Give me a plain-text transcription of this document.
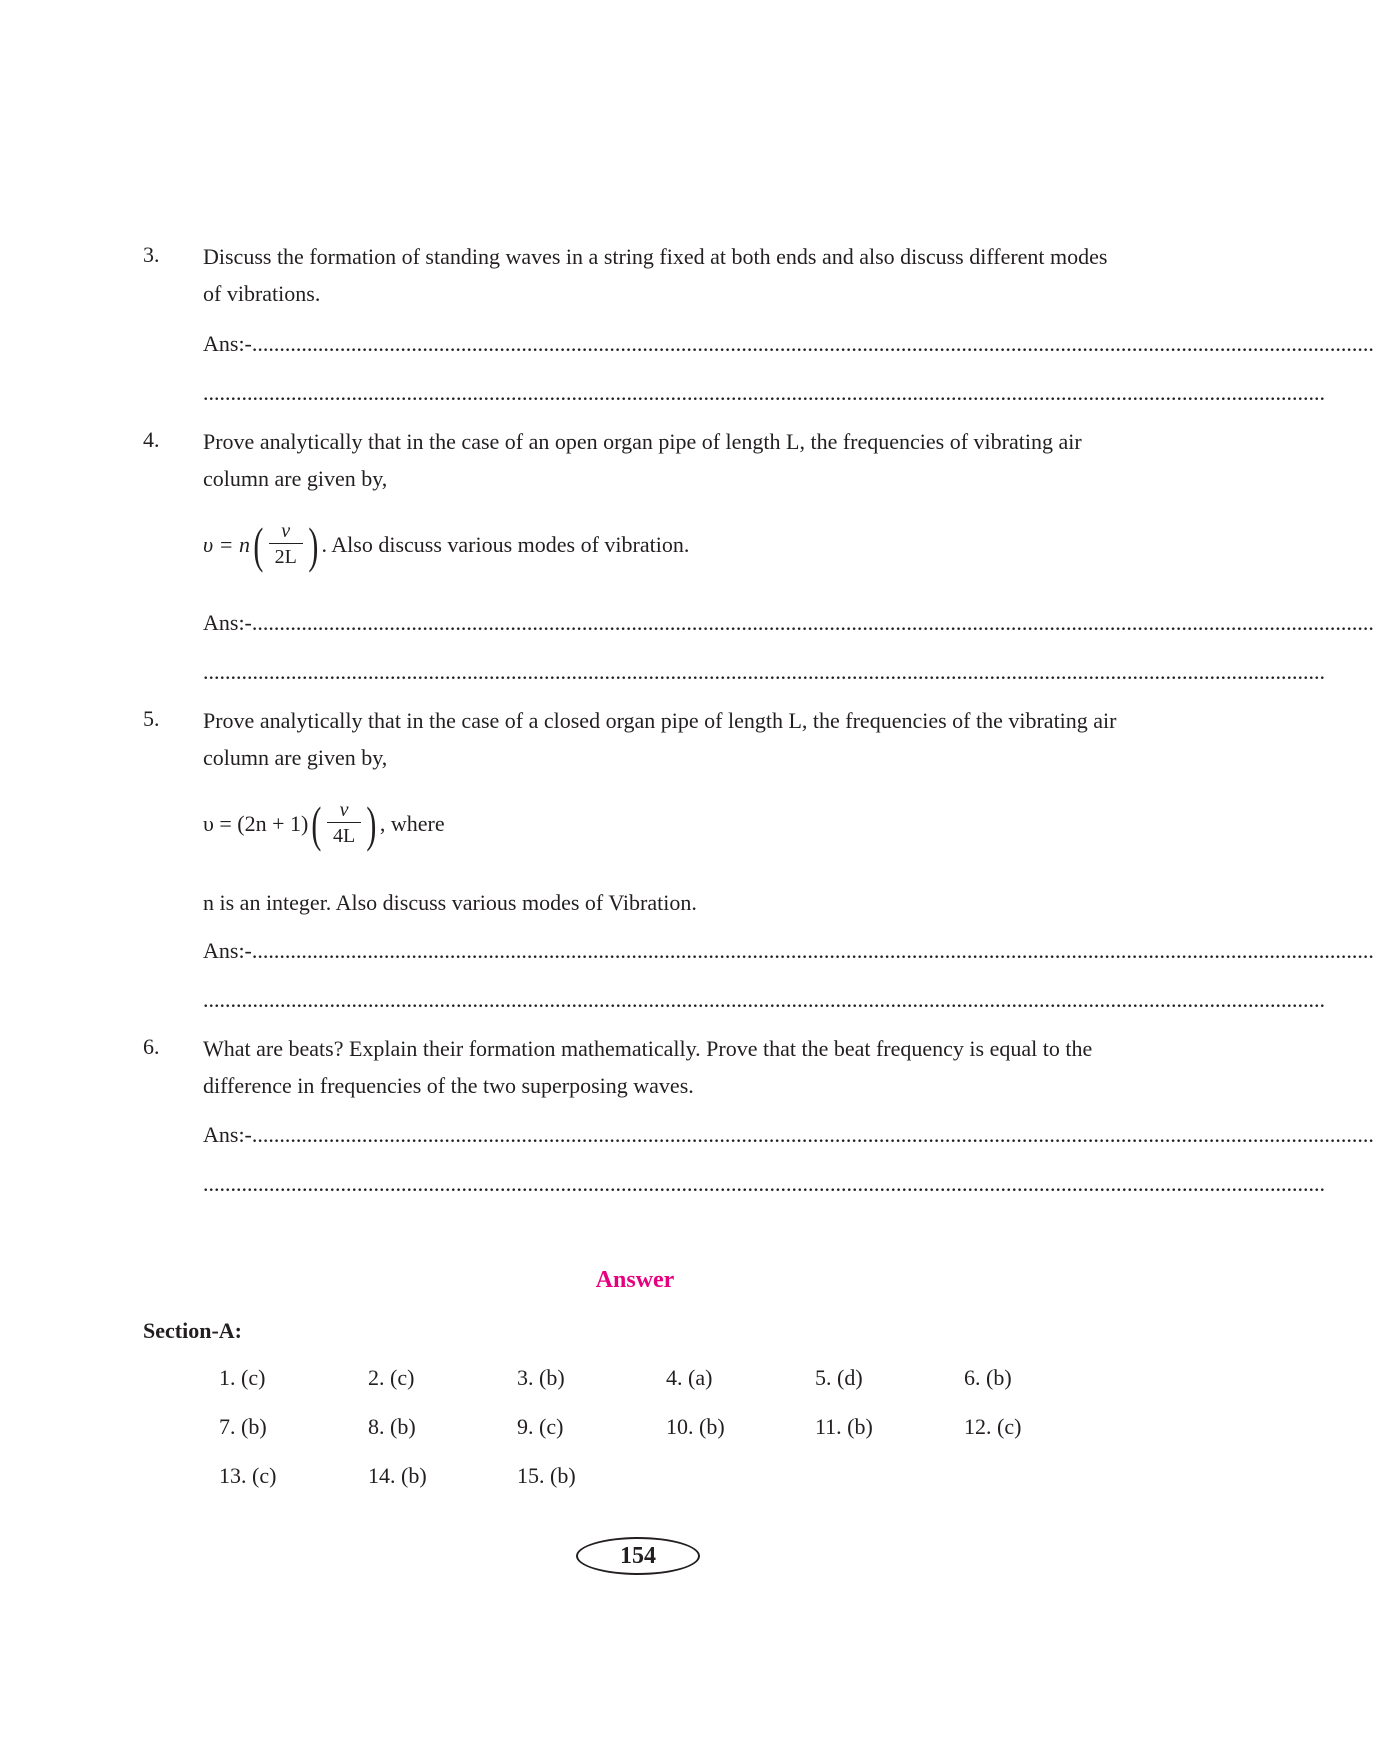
3. Discuss the formation of standing waves in a string fixed at both ends and also discuss different modes of vibrations.
Ans:-............................................................................................................................................................................................................
............................................................................................................................................................................................................
4. Prove analytically that in the case of an open organ pipe of length L, the frequencies of vibrating air column are given by,
υ = n ( $\frac{v}{2L}$ ) . Also discuss various modes of vibration.
Ans:-............................................................................................................................................................................................................
............................................................................................................................................................................................................
5. Prove analytically that in the case of a closed organ pipe of length L, the frequencies of the vibrating air column are given by,
υ = (2n + 1) ( $\frac{v}{4L}$ ) , where
n is an integer. Also discuss various modes of Vibration.
Ans:-............................................................................................................................................................................................................
............................................................................................................................................................................................................
6. What are beats? Explain their formation mathematically. Prove that the beat frequency is equal to the difference in frequencies of the two superposing waves.
Ans:-............................................................................................................................................................................................................
............................................................................................................................................................................................................
Answer
Section-A:
1. (c)	2. (c)	3. (b)	4. (a)	5. (d)	6. (b)
7. (b)	8. (b)	9. (c)	10. (b)	11. (b)	12. (c)
13. (c)	14. (b)	15. (b)
154
